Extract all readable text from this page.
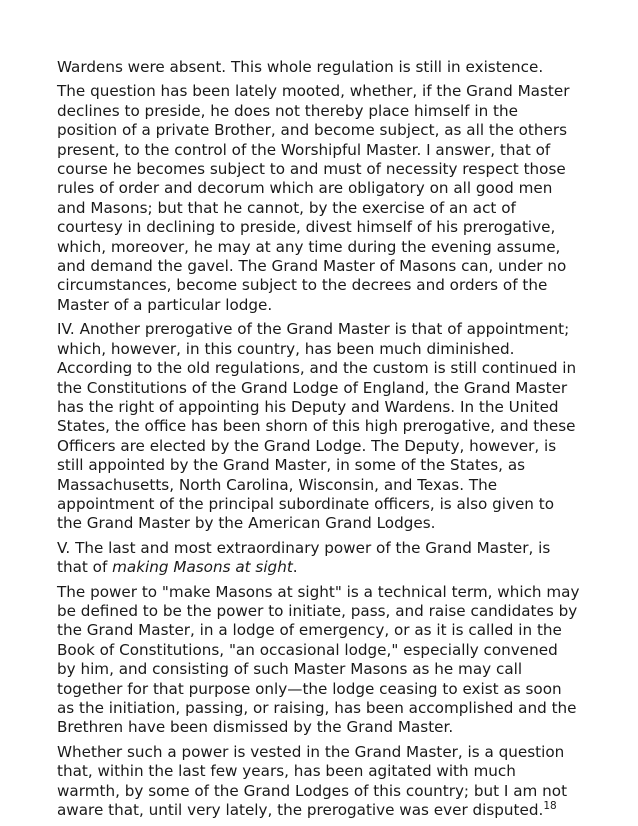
Wardens were absent. This whole regulation is still in existence.

The question has been lately mooted, whether, if the Grand Master declines to preside, he does not thereby place himself in the position of a private Brother, and become subject, as all the others present, to the control of the Worshipful Master. I answer, that of course he becomes subject to and must of necessity respect those rules of order and decorum which are obligatory on all good men and Masons; but that he cannot, by the exercise of an act of courtesy in declining to preside, divest himself of his prerogative, which, moreover, he may at any time during the evening assume, and demand the gavel. The Grand Master of Masons can, under no circumstances, become subject to the decrees and orders of the Master of a particular lodge.

IV. Another prerogative of the Grand Master is that of appointment; which, however, in this country, has been much diminished. According to the old regulations, and the custom is still continued in the Constitutions of the Grand Lodge of England, the Grand Master has the right of appointing his Deputy and Wardens. In the United States, the office has been shorn of this high prerogative, and these Officers are elected by the Grand Lodge. The Deputy, however, is still appointed by the Grand Master, in some of the States, as Massachusetts, North Carolina, Wisconsin, and Texas. The appointment of the principal subordinate officers, is also given to the Grand Master by the American Grand Lodges.

V. The last and most extraordinary power of the Grand Master, is that of making Masons at sight.

The power to "make Masons at sight" is a technical term, which may be defined to be the power to initiate, pass, and raise candidates by the Grand Master, in a lodge of emergency, or as it is called in the Book of Constitutions, "an occasional lodge," especially convened by him, and consisting of such Master Masons as he may call together for that purpose only—the lodge ceasing to exist as soon as the initiation, passing, or raising, has been accomplished and the Brethren have been dismissed by the Grand Master.

Whether such a power is vested in the Grand Master, is a question that, within the last few years, has been agitated with much warmth, by some of the Grand Lodges of this country; but I am not aware that, until very lately, the prerogative was ever disputed.$^{18}$
